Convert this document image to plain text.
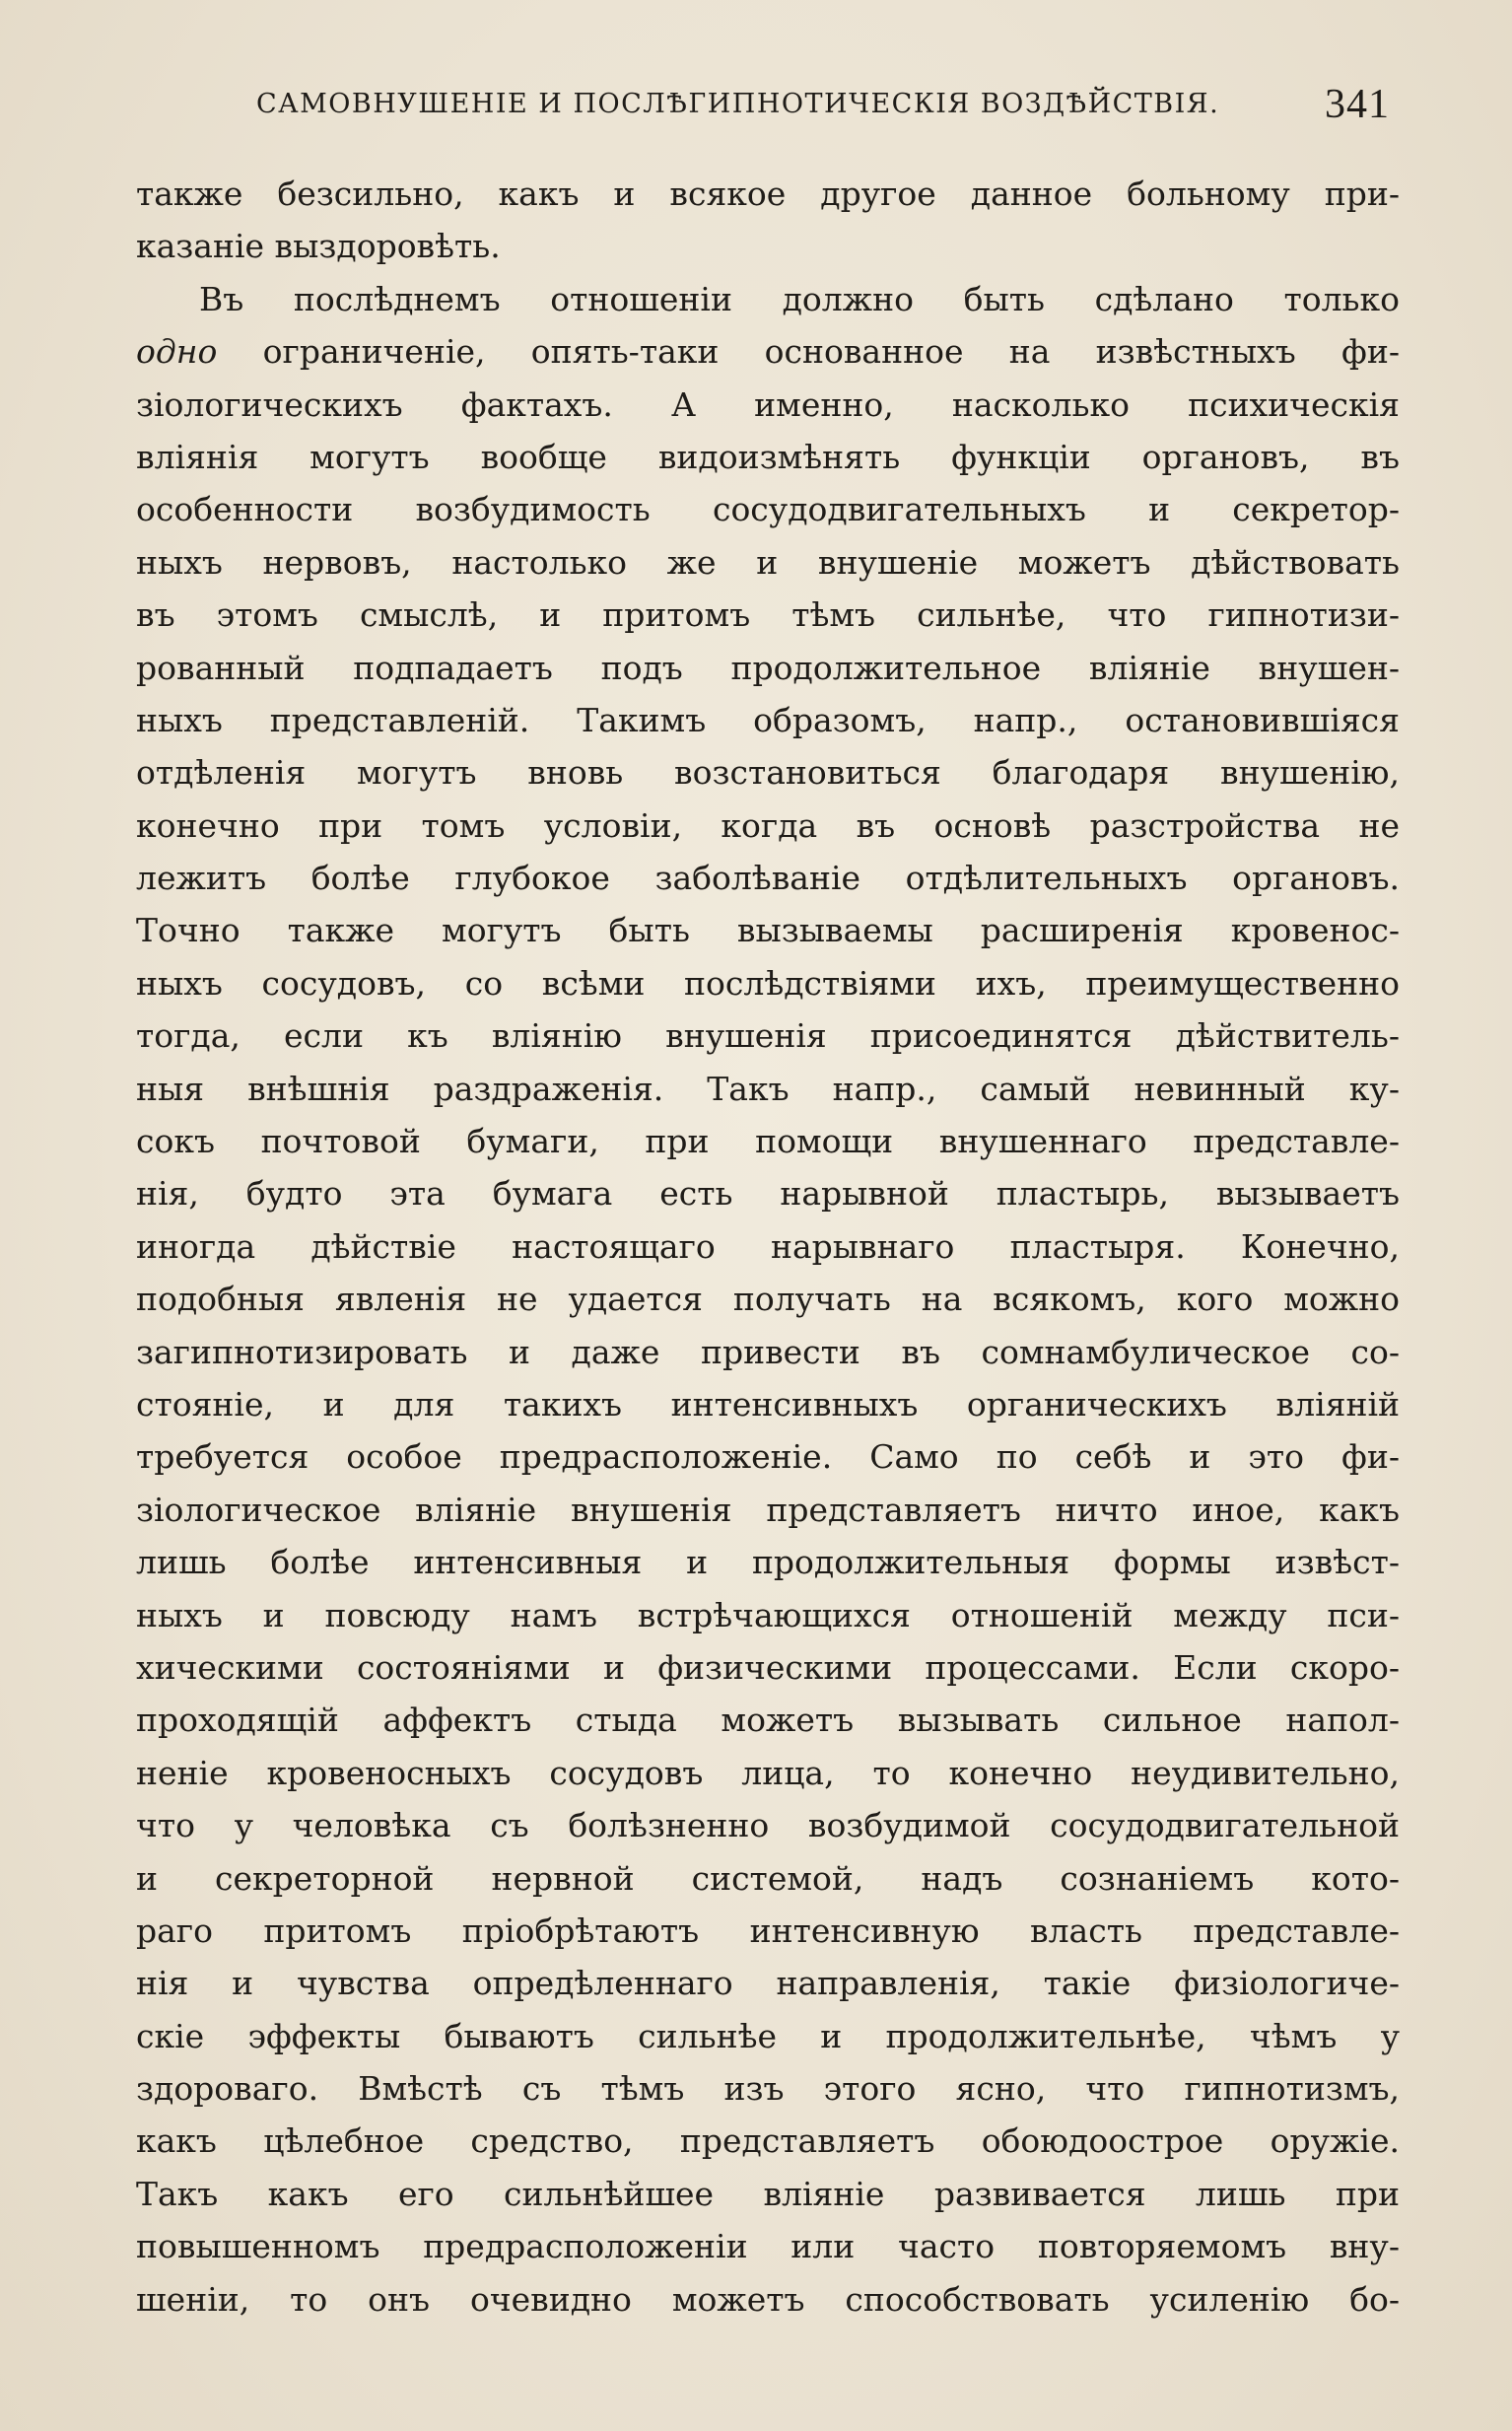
САМОВНУШЕНІЕ И ПОСЛѢГИПНОТИЧЕСКІЯ ВОЗДѢЙСТВІЯ.	341
также безсильно, какъ и всякое другое данное больному при-
казаніе выздоровѣть.
Въ послѣднемъ отношеніи должно быть сдѣлано только
одно ограниченіе, опять-таки основанное на извѣстныхъ фи-
зіологическихъ фактахъ. А именно, насколько психическія
вліянія могутъ вообще видоизмѣнять функціи органовъ, въ
особенности возбудимость сосудодвигательныхъ и секретор-
ныхъ нервовъ, настолько же и внушеніе можетъ дѣйствовать
въ этомъ смыслѣ, и притомъ тѣмъ сильнѣе, что гипнотизи-
рованный подпадаетъ подъ продолжительное вліяніе внушен-
ныхъ представленій. Такимъ образомъ, напр., остановившіяся
отдѣленія могутъ вновь возстановиться благодаря внушенію,
конечно при томъ условіи, когда въ основѣ разстройства не
лежитъ болѣе глубокое заболѣваніе отдѣлительныхъ органовъ.
Точно также могутъ быть вызываемы расширенія кровенос-
ныхъ сосудовъ, со всѣми послѣдствіями ихъ, преимущественно
тогда, если къ вліянію внушенія присоединятся дѣйствитель-
ныя внѣшнія раздраженія. Такъ напр., самый невинный ку-
сокъ почтовой бумаги, при помощи внушеннаго представле-
нія, будто эта бумага есть нарывной пластырь, вызываетъ
иногда дѣйствіе настоящаго нарывнаго пластыря. Конечно,
подобныя явленія не удается получать на всякомъ, кого можно
загипнотизировать и даже привести въ сомнамбулическое со-
стояніе, и для такихъ интенсивныхъ органическихъ вліяній
требуется особое предрасположеніе. Само по себѣ и это фи-
зіологическое вліяніе внушенія представляетъ ничто иное, какъ
лишь болѣе интенсивныя и продолжительныя формы извѣст-
ныхъ и повсюду намъ встрѣчающихся отношеній между пси-
хическими состояніями и физическими процессами. Если скоро-
проходящій аффектъ стыда можетъ вызывать сильное напол-
неніе кровеносныхъ сосудовъ лица, то конечно неудивительно,
что у человѣка съ болѣзненно возбудимой сосудодвигательной
и секреторной нервной системой, надъ сознаніемъ кото-
раго притомъ пріобрѣтаютъ интенсивную власть представле-
нія и чувства опредѣленнаго направленія, такіе физіологиче-
скіе эффекты бываютъ сильнѣе и продолжительнѣе, чѣмъ у
здороваго. Вмѣстѣ съ тѣмъ изъ этого ясно, что гипнотизмъ,
какъ цѣлебное средство, представляетъ обоюдоострое оружіе.
Такъ какъ его сильнѣйшее вліяніе развивается лишь при
повышенномъ предрасположеніи или часто повторяемомъ вну-
шеніи, то онъ очевидно можетъ способствовать усиленію бо-
